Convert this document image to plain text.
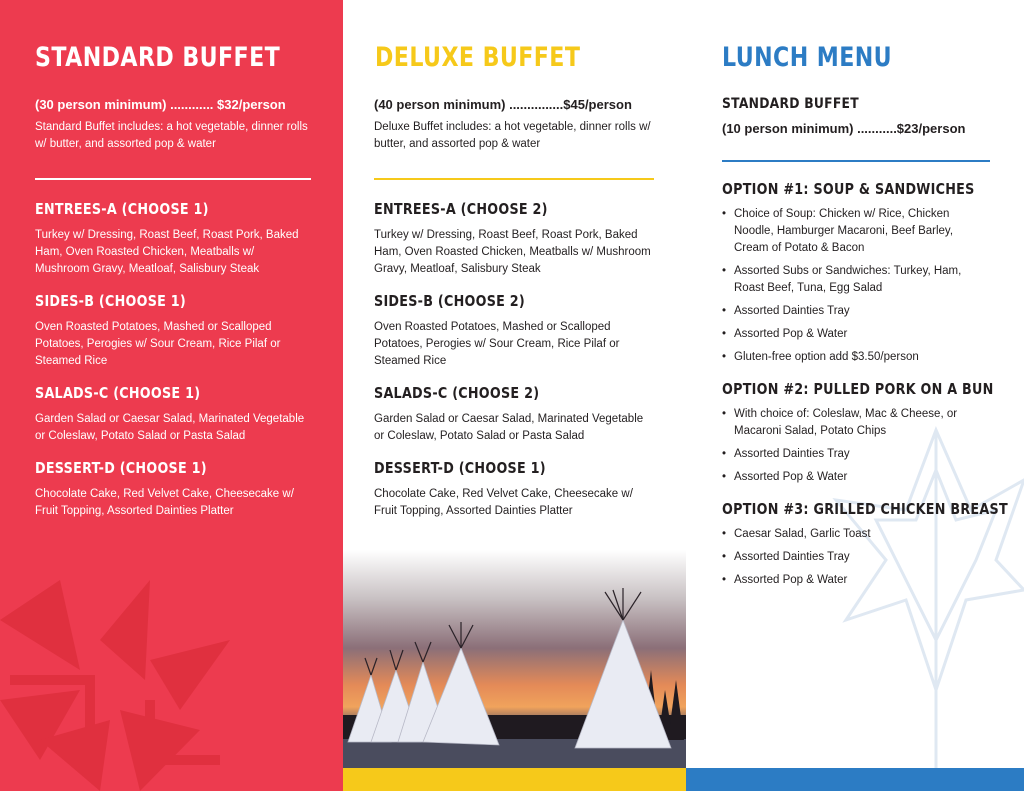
STANDARD BUFFET
(30 person minimum) ............ $32/person
Standard Buffet includes: a hot vegetable, dinner rolls w/ butter, and assorted pop & water
ENTREES-A (CHOOSE 1)
Turkey w/ Dressing, Roast Beef, Roast Pork, Baked Ham, Oven Roasted Chicken, Meatballs w/ Mushroom Gravy, Meatloaf, Salisbury Steak
SIDES-B (CHOOSE 1)
Oven Roasted Potatoes, Mashed or Scalloped Potatoes, Perogies w/ Sour Cream, Rice Pilaf or Steamed Rice
SALADS-C (CHOOSE 1)
Garden Salad or Caesar Salad, Marinated Vegetable or Coleslaw, Potato Salad or Pasta Salad
DESSERT-D (CHOOSE 1)
Chocolate Cake, Red Velvet Cake, Cheesecake w/ Fruit Topping, Assorted Dainties Platter
DELUXE BUFFET
(40 person minimum) ...............$45/person
Deluxe Buffet includes: a hot vegetable, dinner rolls w/ butter, and assorted pop & water
ENTREES-A (CHOOSE 2)
Turkey w/ Dressing, Roast Beef, Roast Pork, Baked Ham, Oven Roasted Chicken, Meatballs w/ Mushroom Gravy, Meatloaf, Salisbury Steak
SIDES-B (CHOOSE 2)
Oven Roasted Potatoes, Mashed or Scalloped Potatoes, Perogies w/ Sour Cream, Rice Pilaf or Steamed Rice
SALADS-C (CHOOSE 2)
Garden Salad or Caesar Salad, Marinated Vegetable or Coleslaw, Potato Salad or Pasta Salad
DESSERT-D (CHOOSE 1)
Chocolate Cake, Red Velvet Cake, Cheesecake w/ Fruit Topping, Assorted Dainties Platter
LUNCH MENU
STANDARD BUFFET
(10 person minimum) ...........$23/person
OPTION #1: SOUP & SANDWICHES
• Choice of Soup: Chicken w/ Rice, Chicken Noodle, Hamburger Macaroni, Beef Barley, Cream of Potato & Bacon
• Assorted Subs or Sandwiches: Turkey, Ham, Roast Beef, Tuna, Egg Salad
• Assorted Dainties Tray
• Assorted Pop & Water
• Gluten-free option add $3.50/person
OPTION #2: PULLED PORK ON A BUN
• With choice of: Coleslaw, Mac & Cheese, or Macaroni Salad, Potato Chips
• Assorted Dainties Tray
• Assorted Pop & Water
OPTION #3: GRILLED CHICKEN BREAST
• Caesar Salad, Garlic Toast
• Assorted Dainties Tray
• Assorted Pop & Water
